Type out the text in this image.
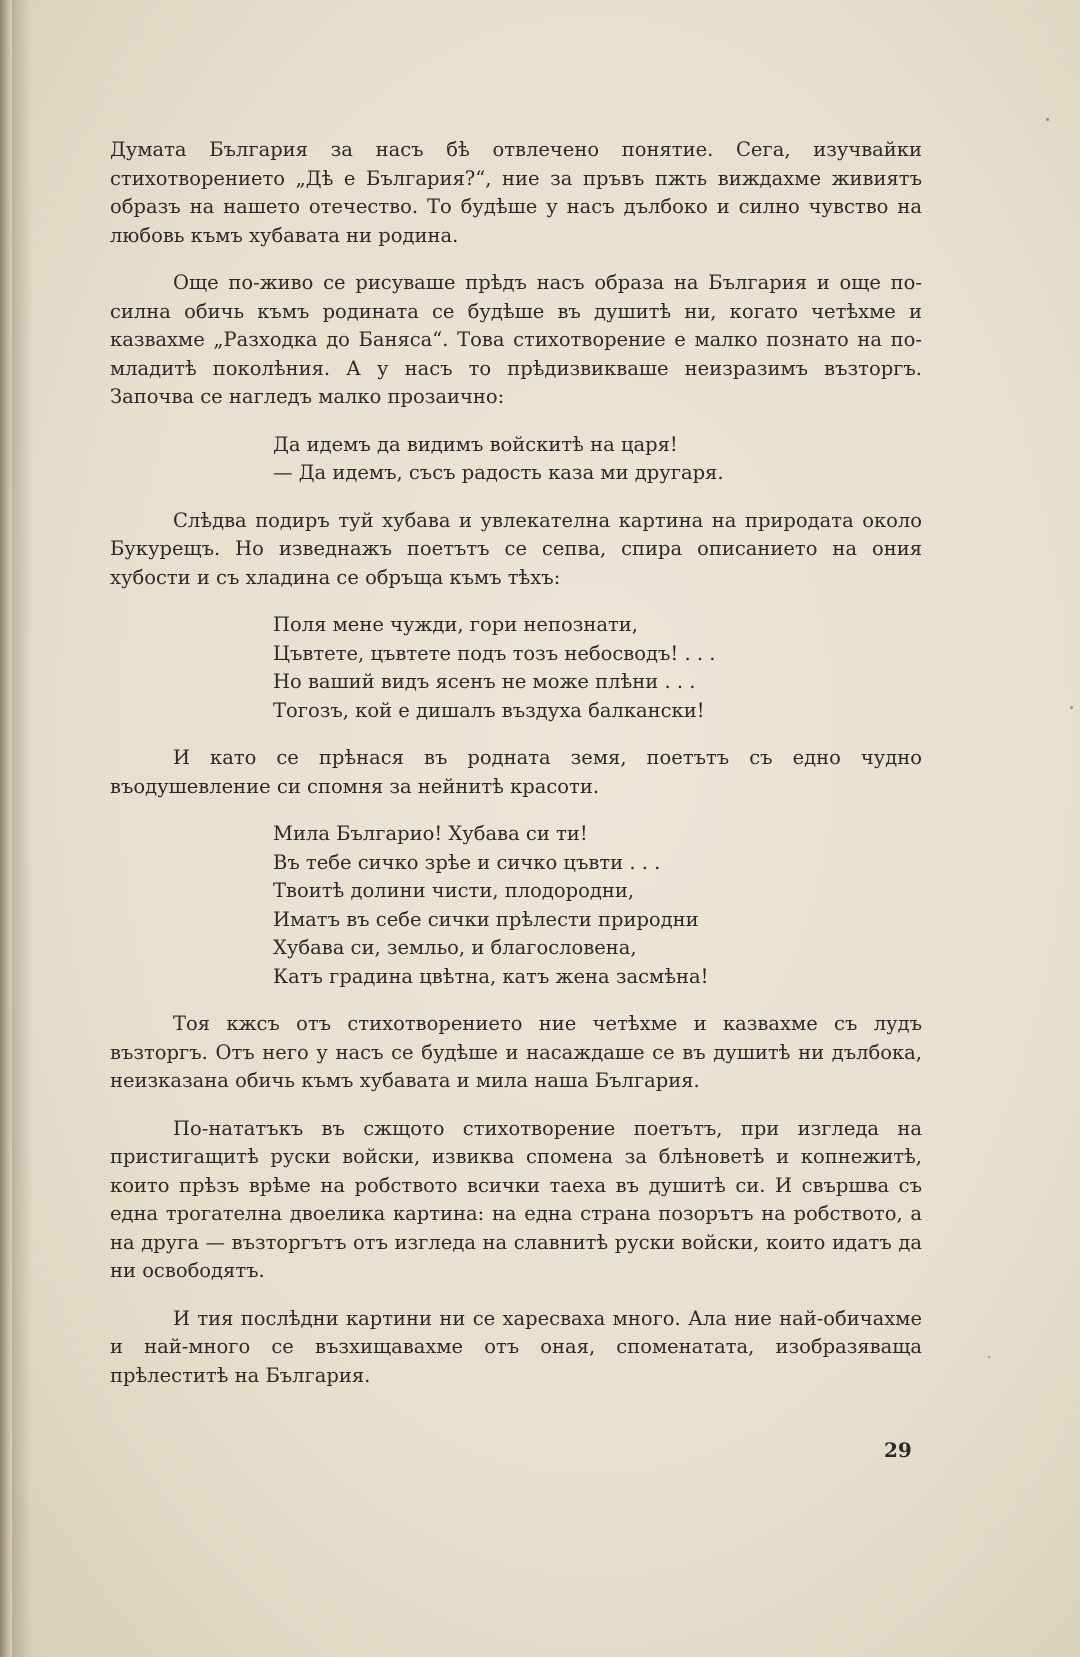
Думата България за насъ бѣ отвлечено понятие. Сега, изучвайки стихотворението „Дѣ е България?“, ние за пръвъ пжть виждахме живиятъ образъ на нашето отечество. То будѣше у насъ дълбоко и силно чувство на любовь къмъ хубавата ни родина.

Още по-живо се рисуваше прѣдъ насъ образа на България и още по-силна обичь къмъ родината се будѣше въ душитѣ ни, когато четѣхме и казвахме „Разходка до Баняса“. Това стихотворение е малко познато на по-младитѣ поколѣния. А у насъ то прѣдизвикваше неизразимъ възторгъ. Започва се нагледъ малко прозаично:

Да идемъ да видимъ войскитѣ на царя!
— Да идемъ, съсъ радость каза ми другаря.

Слѣдва подиръ туй хубава и увлекателна картина на природата около Букурещъ. Но изведнажъ поетътъ се сепва, спира описанието на ония хубости и съ хладина се обръща къмъ тѣхъ:

Поля мене чужди, гори непознати,
Цъвтете, цъвтете подъ тозъ небосводъ! . . .
Но ваший видъ ясенъ не може плѣни . . .
Тогозъ, кой е дишалъ въздуха балкански!

И като се прѣнася въ родната земя, поетътъ съ едно чудно въодушевление си спомня за нейнитѣ красоти.

Мила Българио! Хубава си ти!
Въ тебе сичко зрѣе и сичко цъвти . . .
Твоитѣ долини чисти, плодородни,
Иматъ въ себе сички прѣлести природни
Хубава си, земльо, и благословена,
Катъ градина цвѣтна, катъ жена засмѣна!

Тоя кжсъ отъ стихотворението ние четѣхме и казвахме съ лудъ възторгъ. Отъ него у насъ се будѣше и насаждаше се въ душитѣ ни дълбока, неизказана обичь къмъ хубавата и мила наша България.

По-нататъкъ въ сжщото стихотворение поетътъ, при изгледа на пристигащитѣ руски войски, извиква спомена за блѣноветѣ и копнежитѣ, които прѣзъ врѣме на робството всички таеха въ душитѣ си. И свършва съ една трогателна двоелика картина: на една страна позорътъ на робството, а на друга — възторгътъ отъ изгледа на славнитѣ руски войски, които идатъ да ни освободятъ.

И тия послѣдни картини ни се харесваха много. Ала ние най-обичахме и най-много се възхищавахме отъ оная, споменатата, изобразяваща прѣлеститѣ на България.

29
